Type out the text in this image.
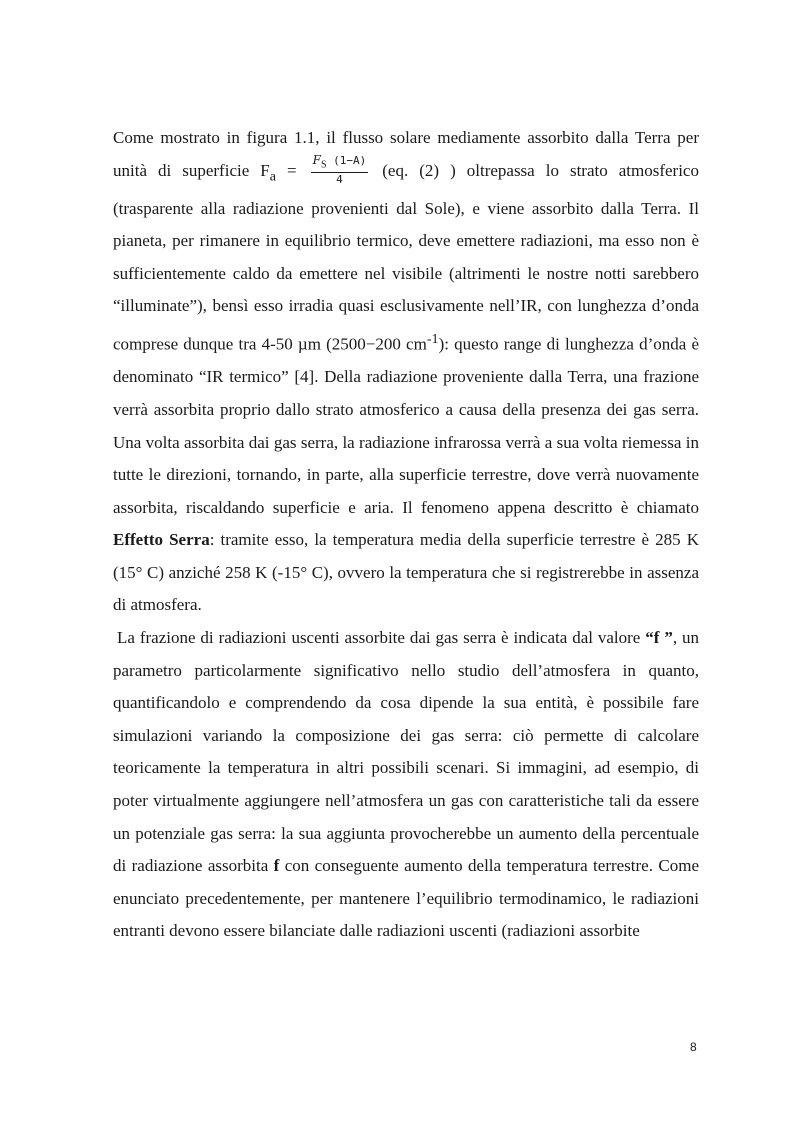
Come mostrato in figura 1.1, il flusso solare mediamente assorbito dalla Terra per unità di superficie $F_a = \frac{F_S (1-A)}{4} (eq$. (2) ) oltrepassa lo strato atmosferico (trasparente alla radiazione provenienti dal Sole), e viene assorbito dalla Terra. Il pianeta, per rimanere in equilibrio termico, deve emettere radiazioni, ma esso non è sufficientemente caldo da emettere nel visibile (altrimenti le nostre notti sarebbero “illuminate”), bensì esso irradia quasi esclusivamente nell’IR, con lunghezza d’onda comprese dunque tra 4-50 µm (2500−200 $cm^{-1}$): questo range di lunghezza d’onda è denominato “IR termico” [4]. Della radiazione proveniente dalla Terra, una frazione verrà assorbita proprio dallo strato atmosferico a causa della presenza dei gas serra. Una volta assorbita dai gas serra, la radiazione infrarossa verrà a sua volta riemessa in tutte le direzioni, tornando, in parte, alla superficie terrestre, dove verrà nuovamente assorbita, riscaldando superficie e aria. Il fenomeno appena descritto è chiamato Effetto Serra: tramite esso, la temperatura media della superficie terrestre è 285 K (15° C) anziché 258 K (-15° C), ovvero la temperatura che si registrerebbe in assenza di atmosfera.

La frazione di radiazioni uscenti assorbite dai gas serra è indicata dal valore “f ”, un parametro particolarmente significativo nello studio dell’atmosfera in quanto, quantificandolo e comprendendo da cosa dipende la sua entità, è possibile fare simulazioni variando la composizione dei gas serra: ciò permette di calcolare teoricamente la temperatura in altri possibili scenari. Si immagini, ad esempio, di poter virtualmente aggiungere nell’atmosfera un gas con caratteristiche tali da essere un potenziale gas serra: la sua aggiunta provocherebbe un aumento della percentuale di radiazione assorbita f con conseguente aumento della temperatura terrestre. Come enunciato precedentemente, per mantenere l’equilibrio termodinamico, le radiazioni entranti devono essere bilanciate dalle radiazioni uscenti (radiazioni assorbite

8
